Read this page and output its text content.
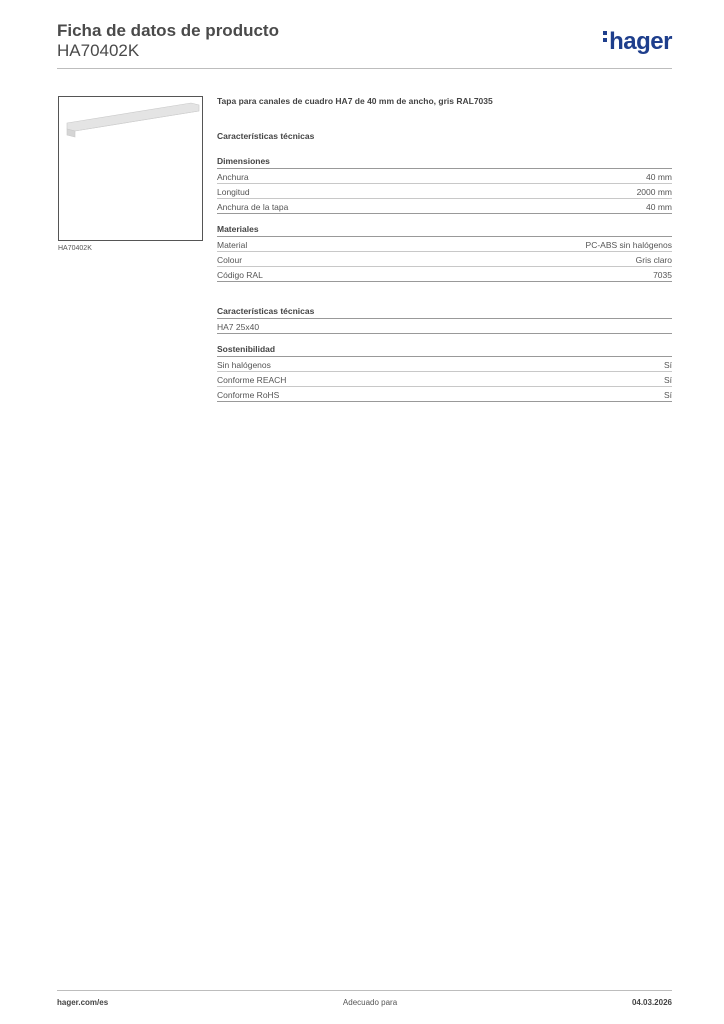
Ficha de datos de producto
HA70402K	hager
HA70402K

Tapa para canales de cuadro HA7 de 40 mm de ancho, gris RAL7035

Características técnicas

Dimensiones
Anchura	40 mm
Longitud	2000 mm
Anchura de la tapa	40 mm
Materiales
Material	PC-ABS sin halógenos
Colour	Gris claro
Código RAL	7035
Características técnicas
HA7 25x40
Sostenibilidad
Sin halógenos	Sí
Conforme REACH	Sí
Conforme RoHS	Sí
hager.com/es	Adecuado para	04.03.2026
